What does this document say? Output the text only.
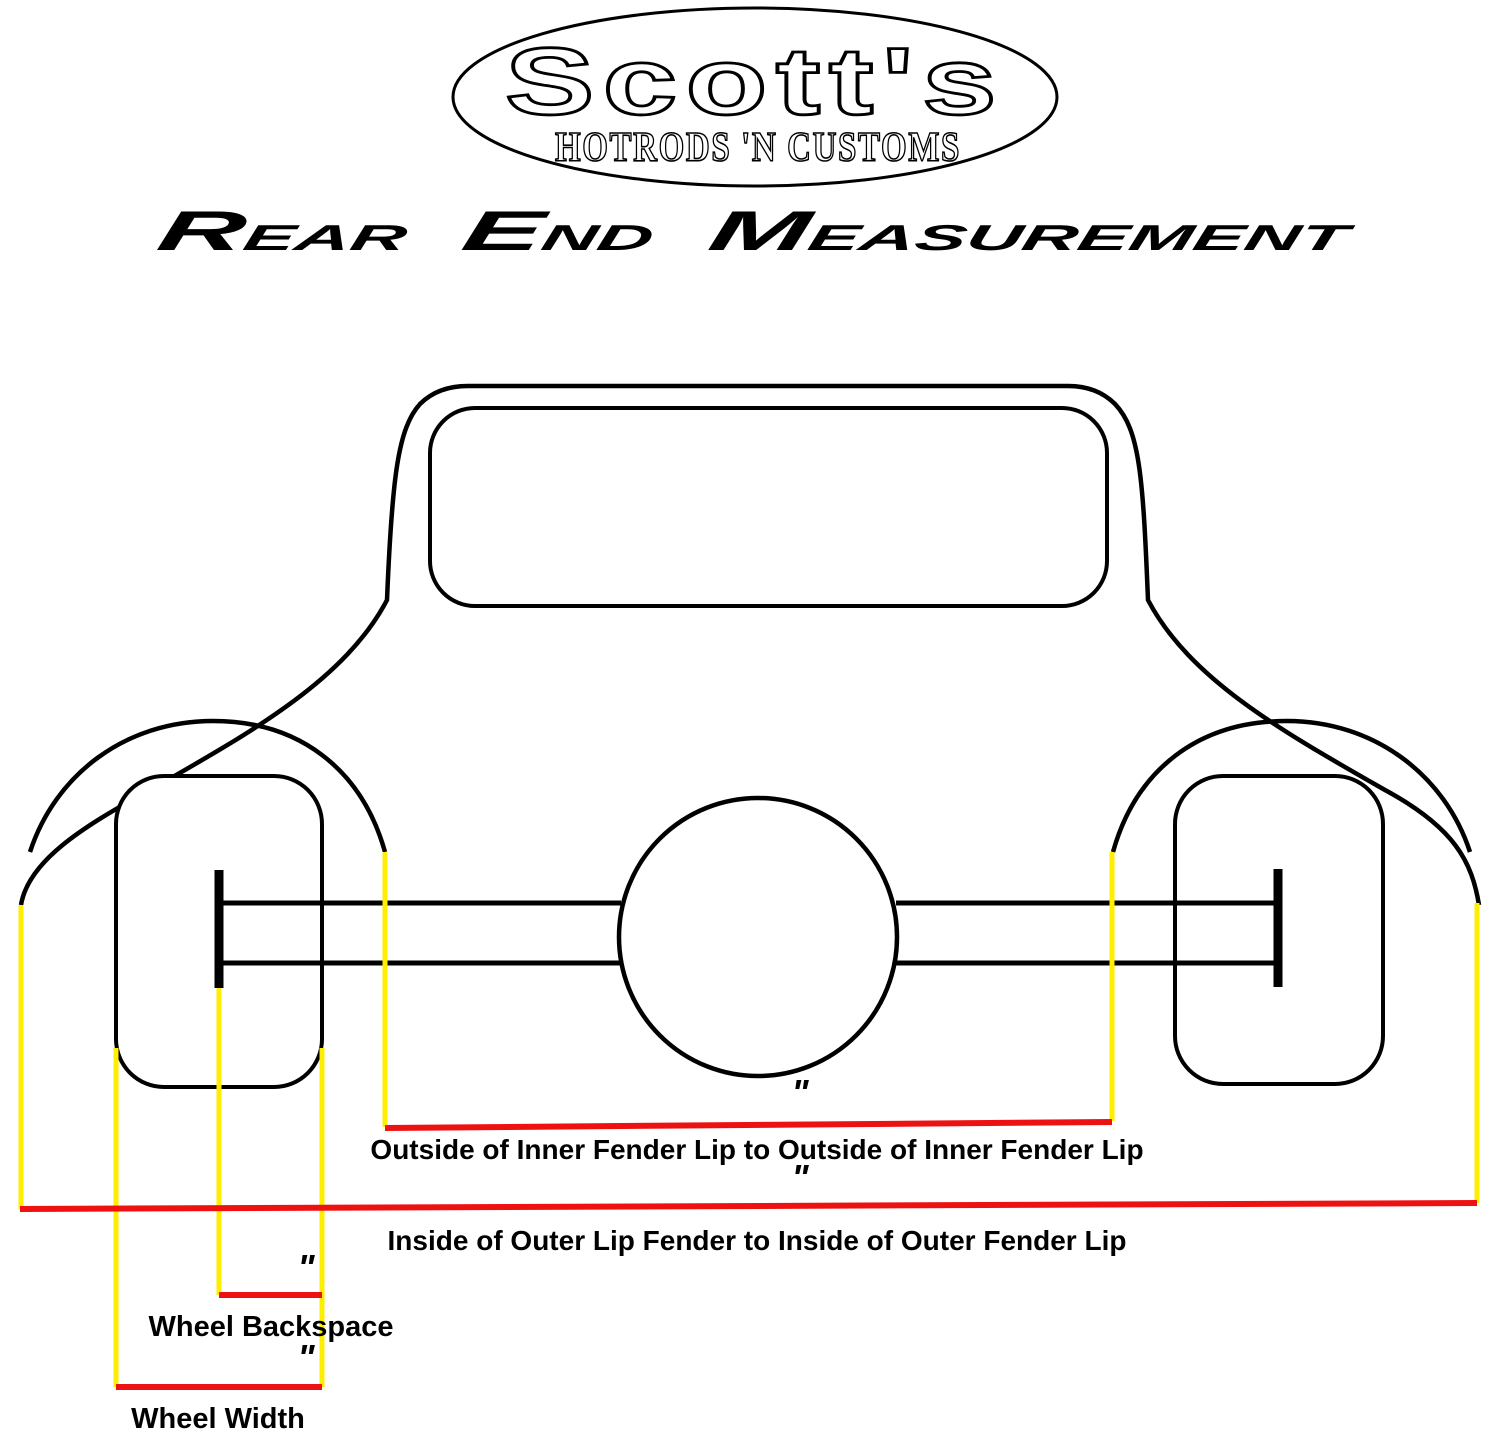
Scott's
HOTRODS 'N CUSTOMS
REAR E ND M EASUREMENT
"
Outside of Inner Fender Lip to Outside of Inner Fender Lip
"
Inside of Outer Lip Fender to Inside of Outer Fender Lip
"
Wheel Backspace
"
Wheel Width
